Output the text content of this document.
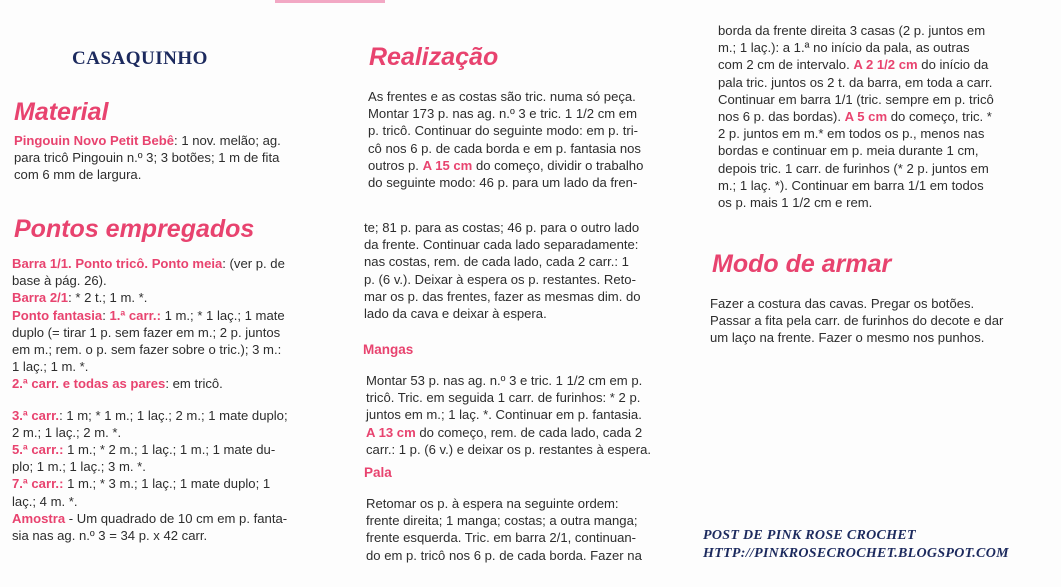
CASAQUINHO
Material
Pingouin Novo Petit Bebê: 1 nov. melão; ag.
para tricô Pingouin n.º 3; 3 botões; 1 m de fita
com 6 mm de largura.
Pontos empregados
Barra 1/1. Ponto tricô. Ponto meia: (ver p. de
base à pág. 26).
Barra 2/1: * 2 t.; 1 m. *.
Ponto fantasia: 1.ª carr.: 1 m.; * 1 laç.; 1 mate
duplo (= tirar 1 p. sem fazer em m.; 2 p. juntos
em m.; rem. o p. sem fazer sobre o tric.); 3 m.:
1 laç.; 1 m. *.
2.ª carr. e todas as pares: em tricô.
3.ª carr.: 1 m; * 1 m.; 1 laç.; 2 m.; 1 mate duplo;
2 m.; 1 laç.; 2 m. *.
5.ª carr.: 1 m.; * 2 m.; 1 laç.; 1 m.; 1 mate du-
plo; 1 m.; 1 laç.; 3 m. *.
7.ª carr.: 1 m.; * 3 m.; 1 laç.; 1 mate duplo; 1
laç.; 4 m. *.
Amostra - Um quadrado de 10 cm em p. fanta-
sia nas ag. n.º 3 = 34 p. x 42 carr.
Realização
As frentes e as costas são tric. numa só peça.
Montar 173 p. nas ag. n.º 3 e tric. 1 1/2 cm em
p. tricô. Continuar do seguinte modo: em p. tri-
cô nos 6 p. de cada borda e em p. fantasia nos
outros p. A 15 cm do começo, dividir o trabalho
do seguinte modo: 46 p. para um lado da fren-
te; 81 p. para as costas; 46 p. para o outro lado
da frente. Continuar cada lado separadamente:
nas costas, rem. de cada lado, cada 2 carr.: 1
p. (6 v.). Deixar à espera os p. restantes. Reto-
mar os p. das frentes, fazer as mesmas dim. do
lado da cava e deixar à espera.
Mangas
Montar 53 p. nas ag. n.º 3 e tric. 1 1/2 cm em p.
tricô. Tric. em seguida 1 carr. de furinhos: * 2 p.
juntos em m.; 1 laç. *. Continuar em p. fantasia.
A 13 cm do começo, rem. de cada lado, cada 2
carr.: 1 p. (6 v.) e deixar os p. restantes à espera.
Pala
Retomar os p. à espera na seguinte ordem:
frente direita; 1 manga; costas; a outra manga;
frente esquerda. Tric. em barra 2/1, continuan-
do em p. tricô nos 6 p. de cada borda. Fazer na
borda da frente direita 3 casas (2 p. juntos em
m.; 1 laç.): a 1.ª no início da pala, as outras
com 2 cm de intervalo. A 2 1/2 cm do início da
pala tric. juntos os 2 t. da barra, em toda a carr.
Continuar em barra 1/1 (tric. sempre em p. tricô
nos 6 p. das bordas). A 5 cm do começo, tric. *
2 p. juntos em m.* em todos os p., menos nas
bordas e continuar em p. meia durante 1 cm,
depois tric. 1 carr. de furinhos (* 2 p. juntos em
m.; 1 laç. *). Continuar em barra 1/1 em todos
os p. mais 1 1/2 cm e rem.
Modo de armar
Fazer a costura das cavas. Pregar os botões.
Passar a fita pela carr. de furinhos do decote e dar
um laço na frente. Fazer o mesmo nos punhos.
POST DE PINK ROSE CROCHET
HTTP://PINKROSECROCHET.BLOGSPOT.COM
